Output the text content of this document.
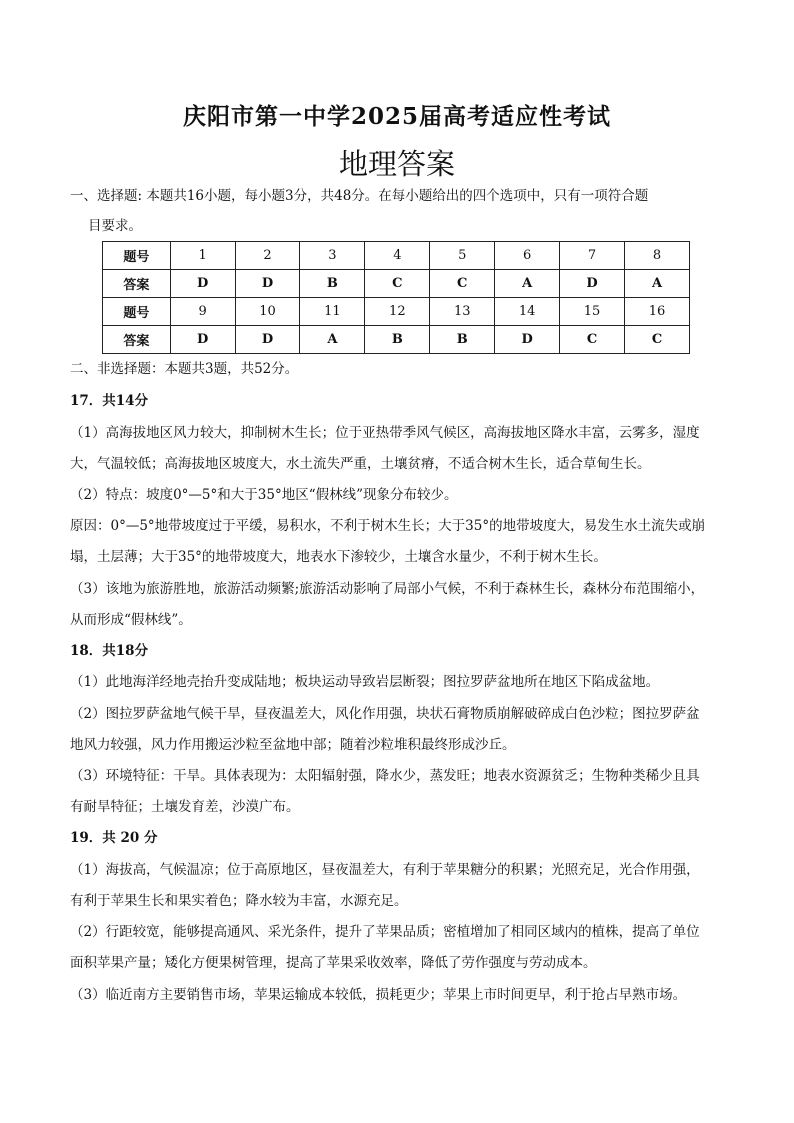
庆阳市第一中学2025届高考适应性考试
地理答案

一、选择题: 本题共16小题，每小题3分，共48分。在每小题给出的四个选项中，只有一项符合题

目要求。

题号	1	2	3	4	5	6	7	8
答案	D	D	B	C	C	A	D	A
题号	9	10	11	12	13	14	15	16
答案	D	D	A	B	B	D	C	C

二、非选择题：本题共3题，共52分。

17．共14分

（1）高海拔地区风力较大，抑制树木生长；位于亚热带季风气候区，高海拔地区降水丰富，云雾多，湿度

大，气温较低；高海拔地区坡度大，水土流失严重，土壤贫瘠，不适合树木生长，适合草甸生长。

（2）特点：坡度0°—5°和大于35°地区“假林线”现象分布较少。

原因：0°—5°地带坡度过于平缓，易积水，不利于树木生长；大于35°的地带坡度大，易发生水土流失或崩

塌，土层薄；大于35°的地带坡度大，地表水下渗较少，土壤含水量少，不利于树木生长。

（3）该地为旅游胜地，旅游活动频繁;旅游活动影响了局部小气候，不利于森林生长，森林分布范围缩小，

从而形成“假林线”。

18．共18分

（1）此地海洋经地壳抬升变成陆地；板块运动导致岩层断裂；图拉罗萨盆地所在地区下陷成盆地。

（2）图拉罗萨盆地气候干旱，昼夜温差大，风化作用强，块状石膏物质崩解破碎成白色沙粒；图拉罗萨盆

地风力较强，风力作用搬运沙粒至盆地中部；随着沙粒堆积最终形成沙丘。

（3）环境特征：干旱。具体表现为：太阳辐射强，降水少，蒸发旺；地表水资源贫乏；生物种类稀少且具

有耐旱特征；土壤发育差，沙漠广布。

19．共 20 分

（1）海拔高，气候温凉；位于高原地区，昼夜温差大，有利于苹果糖分的积累；光照充足，光合作用强，

有利于苹果生长和果实着色；降水较为丰富，水源充足。

（2）行距较宽，能够提高通风、采光条件，提升了苹果品质；密植增加了相同区域内的植株，提高了单位

面积苹果产量；矮化方便果树管理，提高了苹果采收效率，降低了劳作强度与劳动成本。

（3）临近南方主要销售市场，苹果运输成本较低，损耗更少；苹果上市时间更早，利于抢占早熟市场。
